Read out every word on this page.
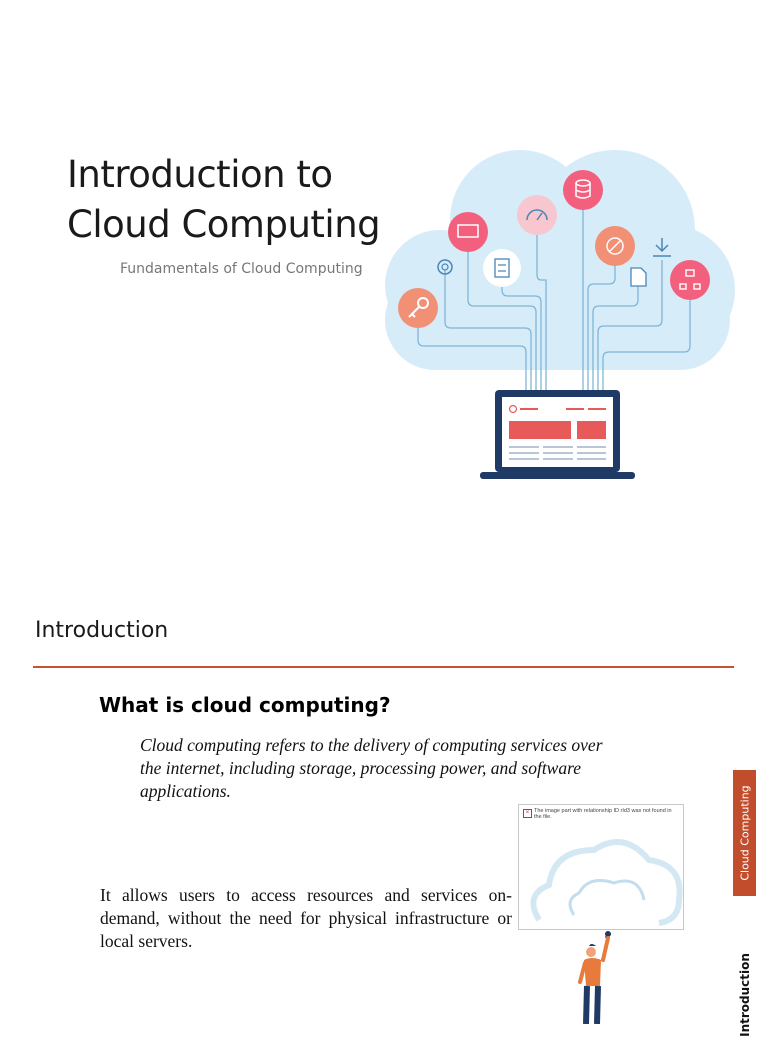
Introduction to Cloud Computing
Fundamentals of Cloud Computing
Introduction
What is cloud computing?
Cloud computing refers to the delivery of computing services over the internet, including storage, processing power, and software applications.
It allows users to access resources and services on-demand, without the need for physical infrastructure or local servers.
× The image part with relationship ID rId3 was not found in the file.	Cloud Computing
Introduction
